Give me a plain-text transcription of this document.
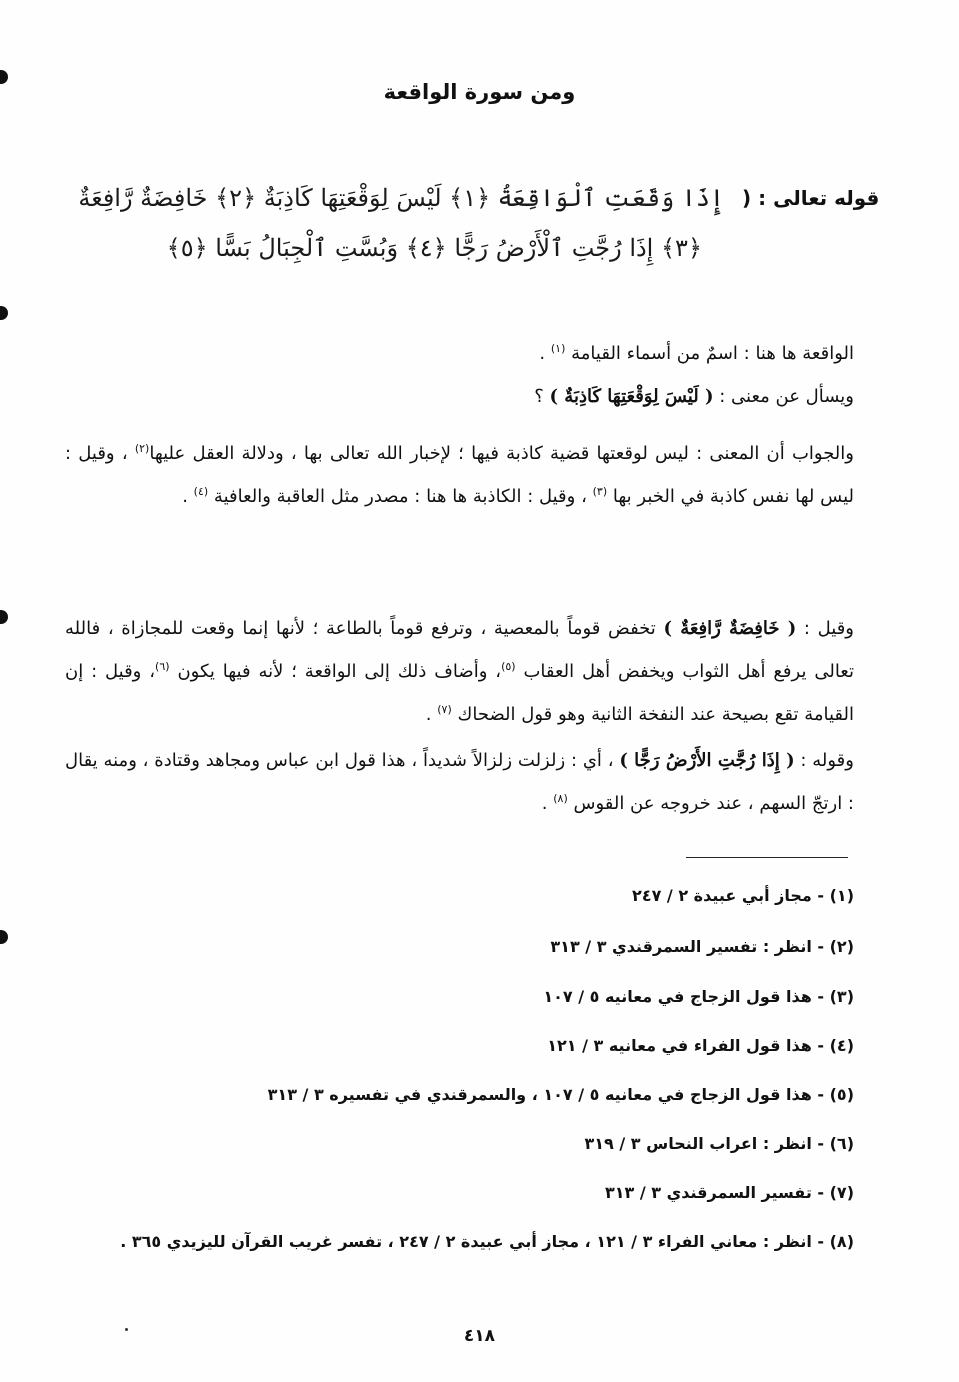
ومن سورة الواقعة
قوله تعالى : (
إِذَا وَقَعَتِ ٱلْوَاقِعَةُ ﴿١﴾ لَيْسَ لِوَقْعَتِهَا كَاذِبَةٌ ﴿٢﴾ خَافِضَةٌ رَّافِعَةٌ
﴿٣﴾ إِذَا رُجَّتِ ٱلْأَرْضُ رَجًّا ﴿٤﴾ وَبُسَّتِ ٱلْجِبَالُ بَسًّا ﴿٥﴾
الواقعة ها هنا : اسمٌ من أسماء القيامة $^{(١)}$ .
ويسأل عن معنى : ( لَيْسَ لِوَقْعَتِهَا كَاذِبَةٌ ) ؟
والجواب أن المعنى : ليس لوقعتها قضية كاذبة فيها ؛ لإخبار الله تعالى بها ، ودلالة العقل عليها$^{(٢)}$ ، وقيل : ليس لها نفس كاذبة في الخبر بها $^{(٣)}$ ، وقيل : الكاذبة ها هنا : مصدر مثل العاقبة والعافية $^{(٤)}$ .
وقيل : ( خَافِضَةٌ رَّافِعَةٌ ) تخفض قوماً بالمعصية ، وترفع قوماً بالطاعة ؛ لأنها إنما وقعت للمجازاة ، فالله تعالى يرفع أهل الثواب ويخفض أهل العقاب $^{(٥)}$، وأضاف ذلك إلى الواقعة ؛ لأنه فيها يكون $^{(٦)}$، وقيل : إن القيامة تقع بصيحة عند النفخة الثانية وهو قول الضحاك $^{(٧)}$ .
وقوله : ( إِذَا رُجَّتِ الأَرْضُ رَجًّا ) ، أي : زلزلت زلزالاً شديداً ، هذا قول ابن عباس ومجاهد وقتادة ، ومنه يقال : ارتجّ السهم ، عند خروجه عن القوس $^{(٨)}$ .
(١) - مجاز أبي عبيدة ٢ / ٢٤٧
(٢) - انظر : تفسير السمرقندي ٣ / ٣١٣
(٣) - هذا قول الزجاج في معانيه ٥ / ١٠٧
(٤) - هذا قول الفراء في معانيه ٣ / ١٢١
(٥) - هذا قول الزجاج في معانيه ٥ / ١٠٧ ، والسمرقندي في تفسيره ٣ / ٣١٣
(٦) - انظر : اعراب النحاس ٣ / ٣١٩
(٧) - تفسير السمرقندي ٣ / ٣١٣
(٨) - انظر : معاني الفراء ٣ / ١٢١ ، مجاز أبي عبيدة ٢ / ٢٤٧ ، تفسر غريب القرآن لليزيدي ٣٦٥ .
٤١٨
